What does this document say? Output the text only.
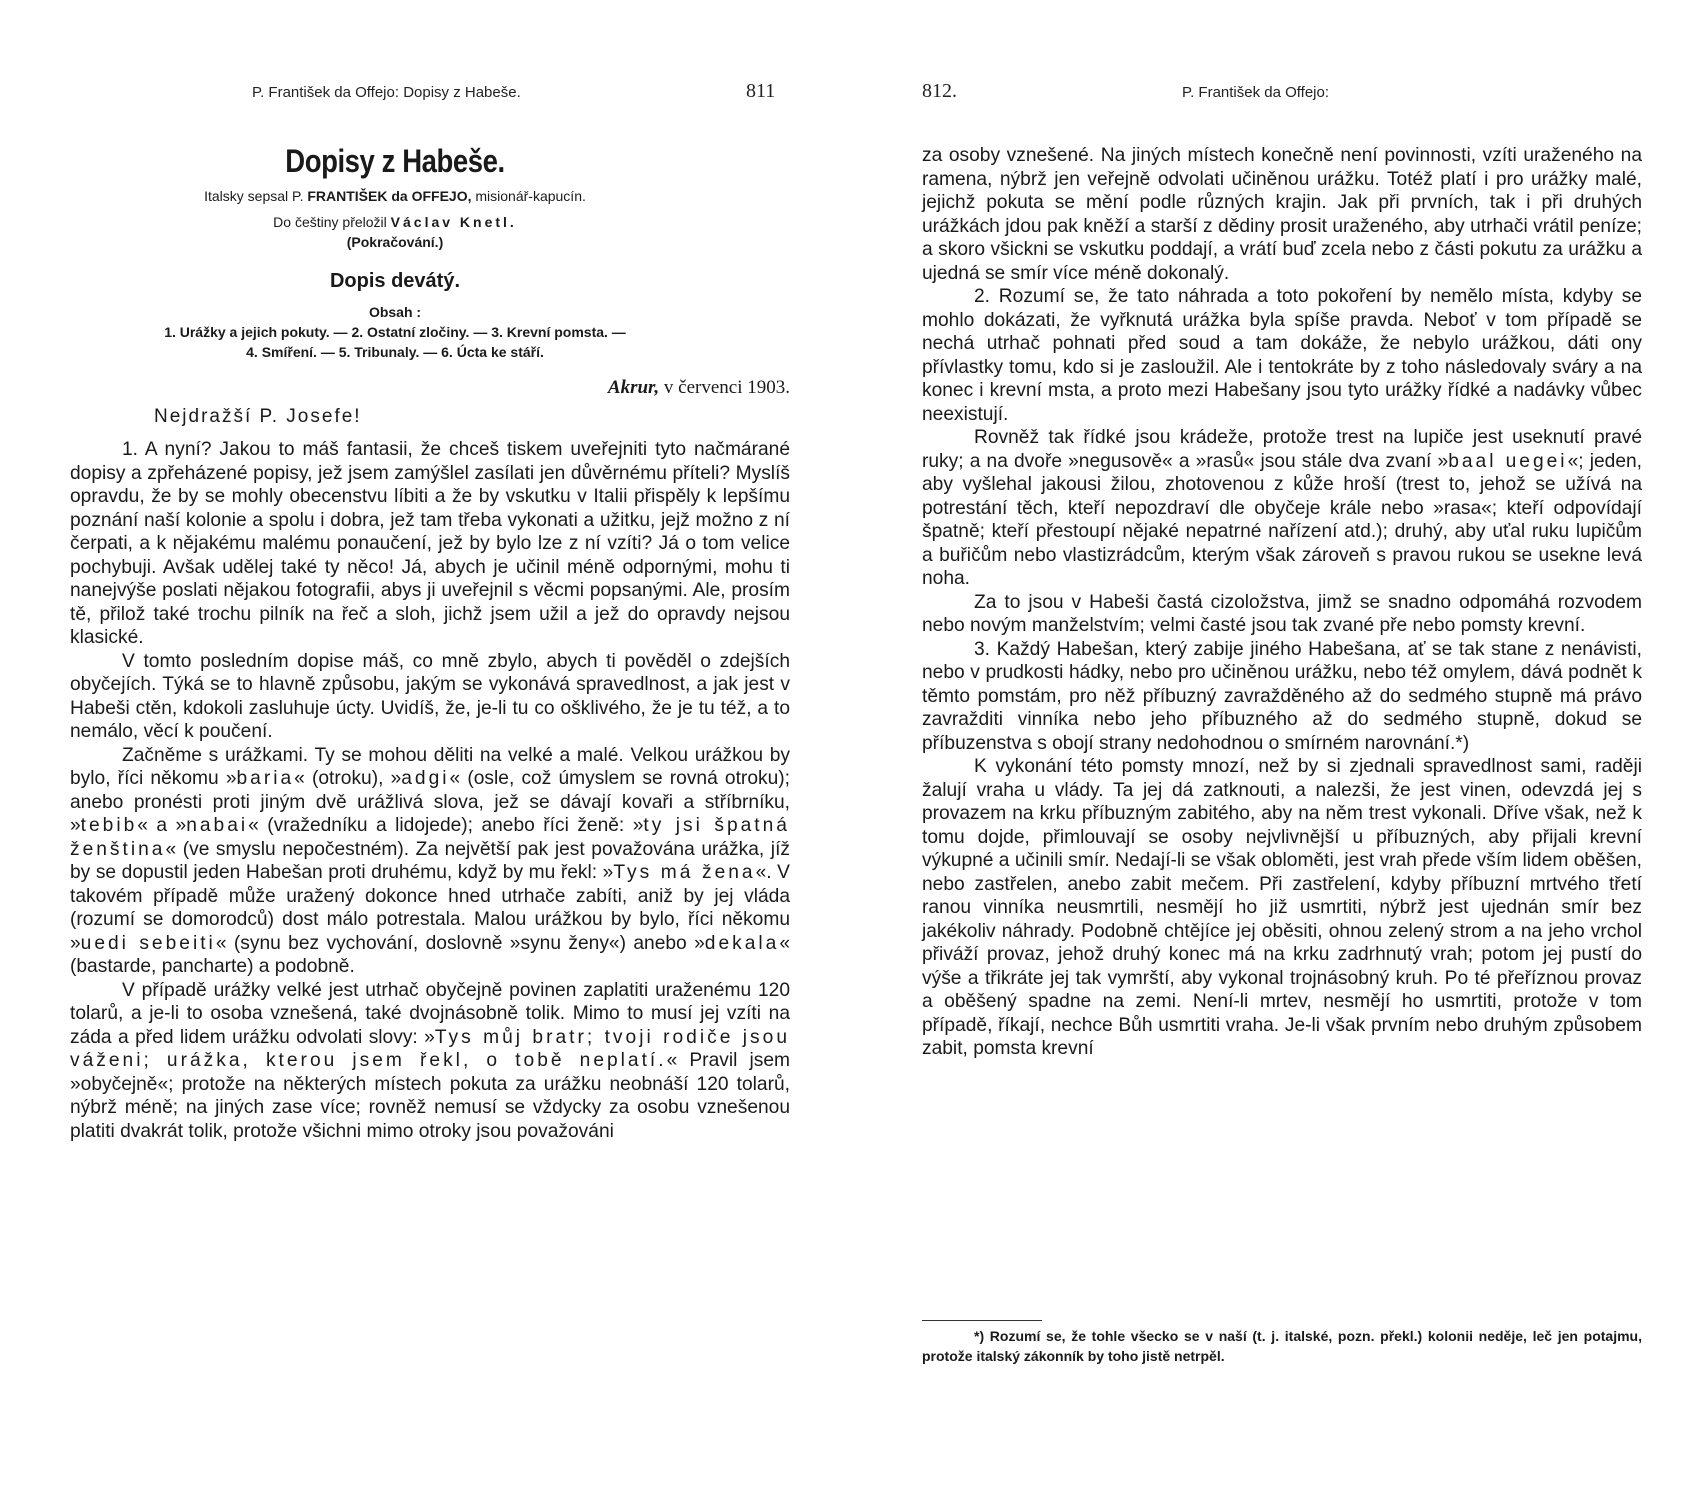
P. František da Offejo: Dopisy z Habeše.	811
Dopisy z Habeše.
Italsky sepsal P. FRANTIŠEK da OFFEJO, misionář-kapucín.
Do češtiny přeložil Václav Knetl.
(Pokračování.)
Dopis devátý.
Obsah :
1. Urážky a jejich pokuty. — 2. Ostatní zločiny. — 3. Krevní pomsta. —
4. Smíření. — 5. Tribunaly. — 6. Úcta ke stáří.
Akrur, v červenci 1903.
Nejdražší P. Josefe!

1. A nyní? Jakou to máš fantasii, že chceš tiskem uveřejniti tyto načmárané dopisy a zpřeházené popisy, jež jsem zamýšlel zasílati jen důvěrnému příteli? Myslíš opravdu, že by se mohly obecenstvu líbiti a že by vskutku v Italii přispěly k lepšímu poznání naší kolonie a spolu i dobra, jež tam třeba vykonati a užitku, jejž možno z ní čerpati, a k nějakému malému ponaučení, jež by bylo lze z ní vzíti? Já o tom velice pochybuji. Avšak udělej také ty něco! Já, abych je učinil méně odpornými, mohu ti nanejvýše poslati nějakou fotografii, abys ji uveřejnil s věcmi popsanými. Ale, prosím tě, přilož také trochu pilník na řeč a sloh, jichž jsem užil a jež do opravdy nejsou klasické.

V tomto posledním dopise máš, co mně zbylo, abych ti pověděl o zdejších obyčejích. Týká se to hlavně způsobu, jakým se vykonává spravedlnost, a jak jest v Habeši ctěn, kdokoli zasluhuje úcty. Uvidíš, že, je-li tu co ošklivého, že je tu též, a to nemálo, věcí k poučení.

Začněme s urážkami. Ty se mohou děliti na velké a malé. Velkou urážkou by bylo, říci někomu »baria« (otroku), »adgi« (osle, což úmyslem se rovná otroku); anebo pronésti proti jiným dvě urážlivá slova, jež se dávají kovaři a stříbrníku, »tebib« a »nabai« (vražedníku a lidojede); anebo říci ženě: »ty jsi špatná ženština« (ve smyslu nepočestném). Za největší pak jest považována urážka, jíž by se dopustil jeden Habešan proti druhému, když by mu řekl: »Tys má žena«. V takovém případě může uražený dokonce hned utrhače zabíti, aniž by jej vláda (rozumí se domorodců) dost málo potrestala. Malou urážkou by bylo, říci někomu »uedi sebeiti« (synu bez vychování, doslovně »synu ženy«) anebo »dekala« (bastarde, pancharte) a podobně.

V případě urážky velké jest utrhač obyčejně povinen zaplatiti uraženému 120 tolarů, a je-li to osoba vznešená, také dvojnásobně tolik. Mimo to musí jej vzíti na záda a před lidem urážku odvolati slovy: »Tys můj bratr; tvoji rodiče jsou váženi; urážka, kterou jsem řekl, o tobě neplatí.« Pravil jsem »obyčejně«; protože na některých místech pokuta za urážku neobnáší 120 tolarů, nýbrž méně; na jiných zase více; rovněž nemusí se vždycky za osobu vznešenou platiti dvakrát tolik, protože všichni mimo otroky jsou považováni

812.	P. František da Offejo:

za osoby vznešené. Na jiných místech konečně není povinnosti, vzíti uraženého na ramena, nýbrž jen veřejně odvolati učiněnou urážku. Totéž platí i pro urážky malé, jejichž pokuta se mění podle různých krajin. Jak při prvních, tak i při druhých urážkách jdou pak kněží a starší z dědiny prosit uraženého, aby utrhači vrátil peníze; a skoro všickni se vskutku poddají, a vrátí buď zcela nebo z části pokutu za urážku a ujedná se smír více méně dokonalý.

2. Rozumí se, že tato náhrada a toto pokoření by nemělo místa, kdyby se mohlo dokázati, že vyřknutá urážka byla spíše pravda. Neboť v tom případě se nechá utrhač pohnati před soud a tam dokáže, že nebylo urážkou, dáti ony přívlastky tomu, kdo si je zasloužil. Ale i tentokráte by z toho následovaly sváry a na konec i krevní msta, a proto mezi Habešany jsou tyto urážky řídké a nadávky vůbec neexistují.

Rovněž tak řídké jsou krádeže, protože trest na lupiče jest useknutí pravé ruky; a na dvoře »negusově« a »rasů« jsou stále dva zvaní »baal uegei«; jeden, aby vyšlehal jakousi žilou, zhotovenou z kůže hroší (trest to, jehož se užívá na potrestání těch, kteří nepozdraví dle obyčeje krále nebo »rasa«; kteří odpovídají špatně; kteří přestoupí nějaké nepatrné nařízení atd.); druhý, aby uťal ruku lupičům a buřičům nebo vlastizrádcům, kterým však zároveň s pravou rukou se usekne levá noha.

Za to jsou v Habeši častá cizoložstva, jimž se snadno odpomáhá rozvodem nebo novým manželstvím; velmi časté jsou tak zvané pře nebo pomsty krevní.

3. Každý Habešan, který zabije jiného Habešana, ať se tak stane z nenávisti, nebo v prudkosti hádky, nebo pro učiněnou urážku, nebo též omylem, dává podnět k těmto pomstám, pro něž příbuzný zavražděného až do sedmého stupně má právo zavražditi vinníka nebo jeho příbuzného až do sedmého stupně, dokud se příbuzenstva s obojí strany nedohodnou o smírném narovnání.*)

K vykonání této pomsty mnozí, než by si zjednali spravedlnost sami, raději žalují vraha u vlády. Ta jej dá zatknouti, a nalezši, že jest vinen, odevzdá jej s provazem na krku příbuzným zabitého, aby na něm trest vykonali. Dříve však, než k tomu dojde, přimlouvají se osoby nejvlivnější u příbuzných, aby přijali krevní výkupné a učinili smír. Nedají-li se však obloměti, jest vrah přede vším lidem oběšen, nebo zastřelen, anebo zabit mečem. Při zastřelení, kdyby příbuzní mrtvého třetí ranou vinníka neusmrtili, nesmějí ho již usmrtiti, nýbrž jest ujednán smír bez jakékoliv náhrady. Podobně chtějíce jej oběsiti, ohnou zelený strom a na jeho vrchol přiváží provaz, jehož druhý konec má na krku zadrhnutý vrah; potom jej pustí do výše a třikráte jej tak vymrští, aby vykonal trojnásobný kruh. Po té přeříznou provaz a oběšený spadne na zemi. Není-li mrtev, nesmějí ho usmrtiti, protože v tom případě, říkají, nechce Bůh usmrtiti vraha. Je-li však prvním nebo druhým způsobem zabit, pomsta krevní

*) Rozumí se, že tohle všecko se v naší (t. j. italské, pozn. překl.) kolonii neděje, leč jen potajmu, protože italský zákonník by toho jistě netrpěl.
